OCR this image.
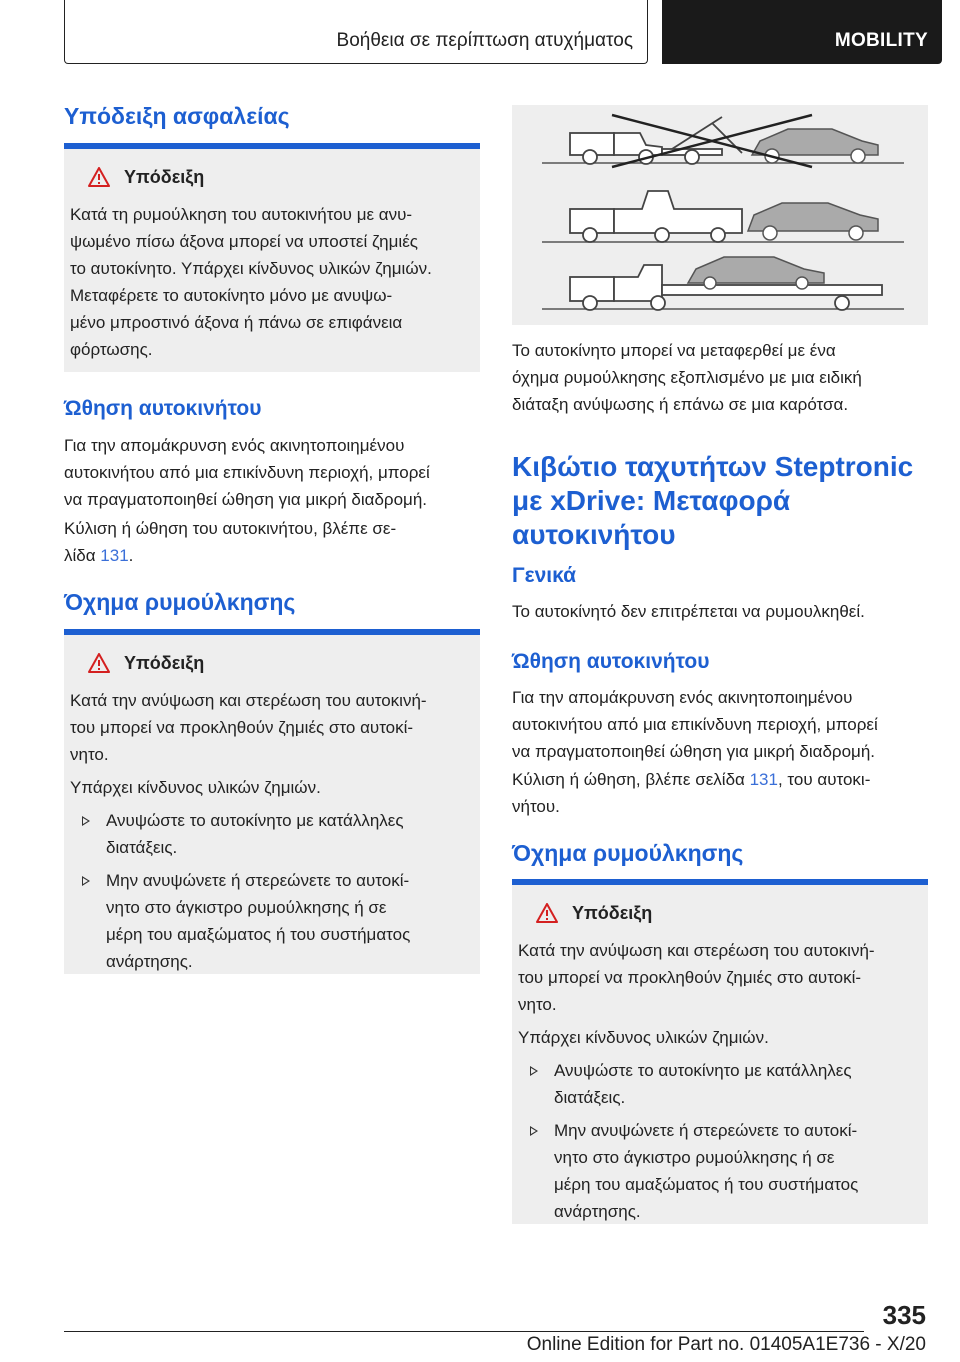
Βοήθεια σε περίπτωση ατυχήματος	MOBILITY
Υπόδειξη ασφαλείας
Υπόδειξη

Κατά τη ρυμούλκηση του αυτοκινήτου με ανυ-

ψωμένο πίσω άξονα μπορεί να υποστεί ζημιές

το αυτοκίνητο. Υπάρχει κίνδυνος υλικών ζημιών.

Μεταφέρετε το αυτοκίνητο μόνο με ανυψω-

μένο μπροστινό άξονα ή πάνω σε επιφάνεια

φόρτωσης.

Ώθηση αυτοκινήτου
Για την απομάκρυνση ενός ακινητοποιημένου
αυτοκινήτου από μια επικίνδυνη περιοχή, μπορεί
να πραγματοποιηθεί ώθηση για μικρή διαδρομή.
Κύλιση ή ώθηση του αυτοκινήτου, βλέπε σε-
λίδα 131.
Όχημα ρυμούλκησης
Υπόδειξη

Κατά την ανύψωση και στερέωση του αυτοκινή-

του μπορεί να προκληθούν ζημιές στο αυτοκί-

νητο.

Υπάρχει κίνδυνος υλικών ζημιών.

Ανυψώστε το αυτοκίνητο με κατάλληλες
διατάξεις.
Μην ανυψώνετε ή στερεώνετε το αυτοκί-
νητο στο άγκιστρο ρυμούλκησης ή σε
μέρη του αμαξώματος ή του συστήματος
ανάρτησης.
Το αυτοκίνητο μπορεί να μεταφερθεί με ένα
όχημα ρυμούλκησης εξοπλισμένο με μια ειδική
διάταξη ανύψωσης ή επάνω σε μια καρότσα.
Κιβώτιο ταχυτήτων Steptronic
με xDrive: Μεταφορά
αυτοκινήτου
Γενικά
Το αυτοκίνητό δεν επιτρέπεται να ρυμουλκηθεί.
Ώθηση αυτοκινήτου
Για την απομάκρυνση ενός ακινητοποιημένου
αυτοκινήτου από μια επικίνδυνη περιοχή, μπορεί
να πραγματοποιηθεί ώθηση για μικρή διαδρομή.
Κύλιση ή ώθηση, βλέπε σελίδα 131, του αυτοκι-
νήτου.
Όχημα ρυμούλκησης
Υπόδειξη

Κατά την ανύψωση και στερέωση του αυτοκινή-

του μπορεί να προκληθούν ζημιές στο αυτοκί-

νητο.

Υπάρχει κίνδυνος υλικών ζημιών.

Ανυψώστε το αυτοκίνητο με κατάλληλες
διατάξεις.
Μην ανυψώνετε ή στερεώνετε το αυτοκί-
νητο στο άγκιστρο ρυμούλκησης ή σε
μέρη του αμαξώματος ή του συστήματος
ανάρτησης.
335
Online Edition for Part no. 01405A1E736 - X/20
